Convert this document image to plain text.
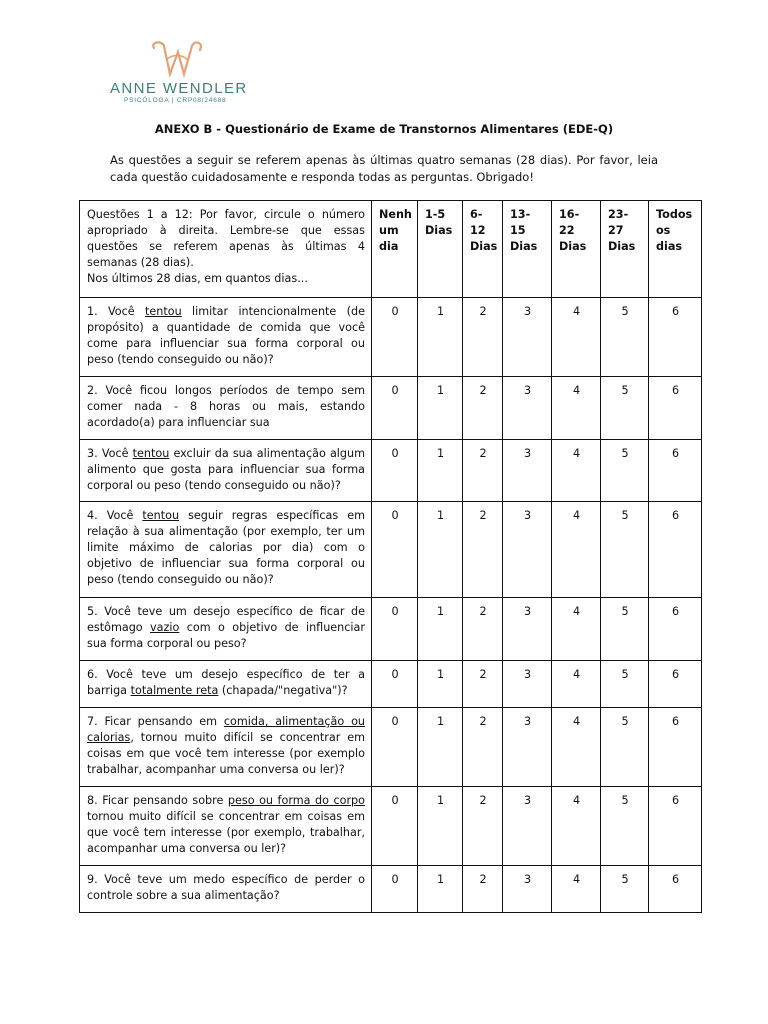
ANNE WENDLER
PSICÓLOGA | CRP08/24688
ANEXO B - Questionário de Exame de Transtornos Alimentares (EDE-Q)
As questões a seguir se referem apenas às últimas quatro semanas (28 dias). Por favor, leia cada questão cuidadosamente e responda todas as perguntas. Obrigado!
Questões 1 a 12: Por favor, circule o número apropriado à direita. Lembre-se que essas questões se referem apenas às últimas 4 semanas (28 dias).
Nos últimos 28 dias, em quantos dias...	Nenh um dia	1-5 Dias	6-12 Dias	13-15 Dias	16-22 Dias	23-27 Dias	Todos os dias
1. Você tentou limitar intencionalmente (de propósito) a quantidade de comida que você come para influenciar sua forma corporal ou peso (tendo conseguido ou não)?	0	1	2	3	4	5	6
2. Você ficou longos períodos de tempo sem comer nada - 8 horas ou mais, estando acordado(a) para influenciar sua	0	1	2	3	4	5	6
3. Você tentou excluir da sua alimentação algum alimento que gosta para influenciar sua forma corporal ou peso (tendo conseguido ou não)?	0	1	2	3	4	5	6
4. Você tentou seguir regras específicas em relação à sua alimentação (por exemplo, ter um limite máximo de calorias por dia) com o objetivo de influenciar sua forma corporal ou peso (tendo conseguido ou não)?	0	1	2	3	4	5	6
5. Você teve um desejo específico de ficar de estômago vazio com o objetivo de influenciar sua forma corporal ou peso?	0	1	2	3	4	5	6
6. Você teve um desejo específico de ter a barriga totalmente reta (chapada/"negativa")?	0	1	2	3	4	5	6
7. Ficar pensando em comida, alimentação ou calorias, tornou muito difícil se concentrar em coisas em que você tem interesse (por exemplo trabalhar, acompanhar uma conversa ou ler)?	0	1	2	3	4	5	6
8. Ficar pensando sobre peso ou forma do corpo tornou muito difícil se concentrar em coisas em que você tem interesse (por exemplo, trabalhar, acompanhar uma conversa ou ler)?	0	1	2	3	4	5	6
9. Você teve um medo específico de perder o controle sobre a sua alimentação?	0	1	2	3	4	5	6
